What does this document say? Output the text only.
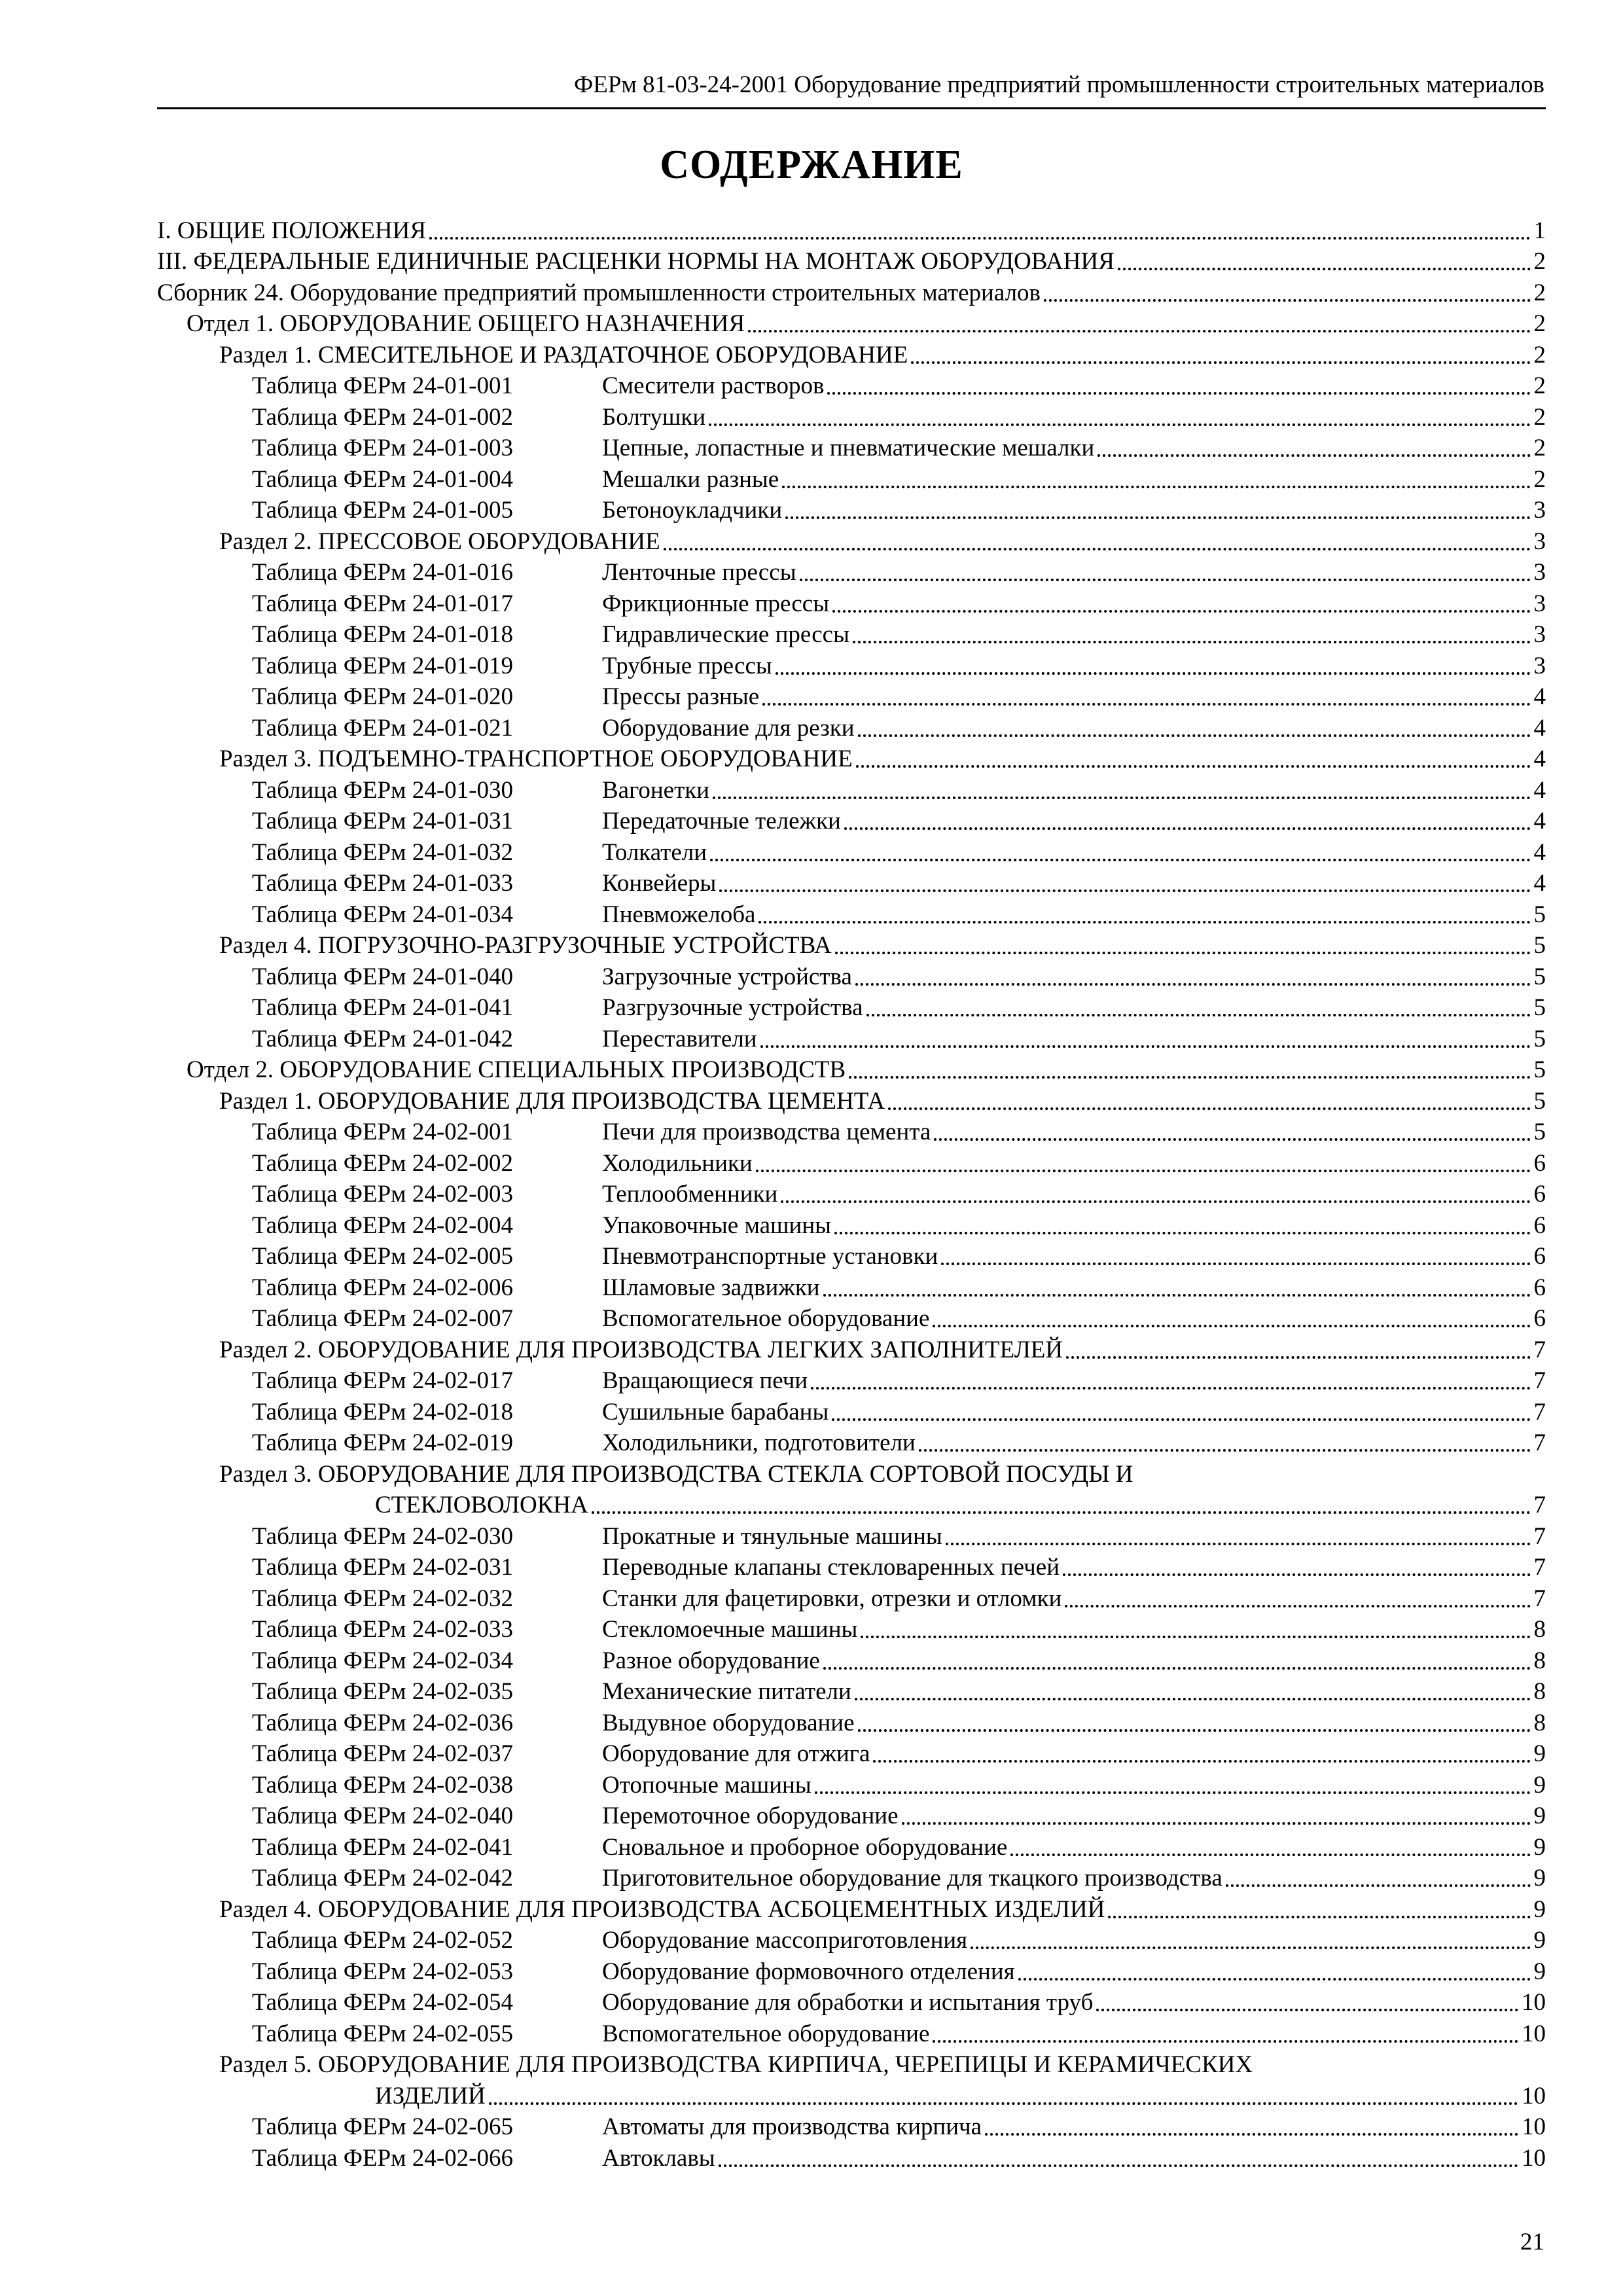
ФЕРм 81-03-24-2001 Оборудование предприятий промышленности строительных материалов
СОДЕРЖАНИЕ
I. ОБЩИЕ ПОЛОЖЕНИЯ	1
III. ФЕДЕРАЛЬНЫЕ ЕДИНИЧНЫЕ РАСЦЕНКИ НОРМЫ НА МОНТАЖ ОБОРУДОВАНИЯ	2
Сборник 24. Оборудование предприятий промышленности строительных материалов	2
Отдел 1. ОБОРУДОВАНИЕ ОБЩЕГО НАЗНАЧЕНИЯ	2
Раздел 1. СМЕСИТЕЛЬНОЕ И РАЗДАТОЧНОЕ ОБОРУДОВАНИЕ	2
Таблица ФЕРм 24-01-001	Смесители растворов	2
Таблица ФЕРм 24-01-002	Болтушки	2
Таблица ФЕРм 24-01-003	Цепные, лопастные и пневматические мешалки	2
Таблица ФЕРм 24-01-004	Мешалки разные	2
Таблица ФЕРм 24-01-005	Бетоноукладчики	3
Раздел 2. ПРЕССОВОЕ ОБОРУДОВАНИЕ	3
Таблица ФЕРм 24-01-016	Ленточные прессы	3
Таблица ФЕРм 24-01-017	Фрикционные прессы	3
Таблица ФЕРм 24-01-018	Гидравлические прессы	3
Таблица ФЕРм 24-01-019	Трубные прессы	3
Таблица ФЕРм 24-01-020	Прессы разные	4
Таблица ФЕРм 24-01-021	Оборудование для резки	4
Раздел 3. ПОДЪЕМНО-ТРАНСПОРТНОЕ ОБОРУДОВАНИЕ	4
Таблица ФЕРм 24-01-030	Вагонетки	4
Таблица ФЕРм 24-01-031	Передаточные тележки	4
Таблица ФЕРм 24-01-032	Толкатели	4
Таблица ФЕРм 24-01-033	Конвейеры	4
Таблица ФЕРм 24-01-034	Пневможелоба	5
Раздел 4. ПОГРУЗОЧНО-РАЗГРУЗОЧНЫЕ УСТРОЙСТВА	5
Таблица ФЕРм 24-01-040	Загрузочные устройства	5
Таблица ФЕРм 24-01-041	Разгрузочные устройства	5
Таблица ФЕРм 24-01-042	Переставители	5
Отдел 2. ОБОРУДОВАНИЕ СПЕЦИАЛЬНЫХ ПРОИЗВОДСТВ	5
Раздел 1. ОБОРУДОВАНИЕ ДЛЯ ПРОИЗВОДСТВА ЦЕМЕНТА	5
Таблица ФЕРм 24-02-001	Печи для производства цемента	5
Таблица ФЕРм 24-02-002	Холодильники	6
Таблица ФЕРм 24-02-003	Теплообменники	6
Таблица ФЕРм 24-02-004	Упаковочные машины	6
Таблица ФЕРм 24-02-005	Пневмотранспортные установки	6
Таблица ФЕРм 24-02-006	Шламовые задвижки	6
Таблица ФЕРм 24-02-007	Вспомогательное оборудование	6
Раздел 2. ОБОРУДОВАНИЕ ДЛЯ ПРОИЗВОДСТВА ЛЕГКИХ ЗАПОЛНИТЕЛЕЙ	7
Таблица ФЕРм 24-02-017	Вращающиеся печи	7
Таблица ФЕРм 24-02-018	Сушильные барабаны	7
Таблица ФЕРм 24-02-019	Холодильники, подготовители	7
Раздел 3. ОБОРУДОВАНИЕ ДЛЯ ПРОИЗВОДСТВА СТЕКЛА СОРТОВОЙ ПОСУДЫ И
СТЕКЛОВОЛОКНА	7
Таблица ФЕРм 24-02-030	Прокатные и тянульные машины	7
Таблица ФЕРм 24-02-031	Переводные клапаны стекловаренных печей	7
Таблица ФЕРм 24-02-032	Станки для фацетировки, отрезки и отломки	7
Таблица ФЕРм 24-02-033	Стекломоечные машины	8
Таблица ФЕРм 24-02-034	Разное оборудование	8
Таблица ФЕРм 24-02-035	Механические питатели	8
Таблица ФЕРм 24-02-036	Выдувное оборудование	8
Таблица ФЕРм 24-02-037	Оборудование для отжига	9
Таблица ФЕРм 24-02-038	Отопочные машины	9
Таблица ФЕРм 24-02-040	Перемоточное оборудование	9
Таблица ФЕРм 24-02-041	Сновальное и проборное оборудование	9
Таблица ФЕРм 24-02-042	Приготовительное оборудование для ткацкого производства	9
Раздел 4. ОБОРУДОВАНИЕ ДЛЯ ПРОИЗВОДСТВА АСБОЦЕМЕНТНЫХ ИЗДЕЛИЙ	9
Таблица ФЕРм 24-02-052	Оборудование массоприготовления	9
Таблица ФЕРм 24-02-053	Оборудование формовочного отделения	9
Таблица ФЕРм 24-02-054	Оборудование для обработки и испытания труб	10
Таблица ФЕРм 24-02-055	Вспомогательное оборудование	10
Раздел 5. ОБОРУДОВАНИЕ ДЛЯ ПРОИЗВОДСТВА КИРПИЧА, ЧЕРЕПИЦЫ И КЕРАМИЧЕСКИХ
ИЗДЕЛИЙ	10
Таблица ФЕРм 24-02-065	Автоматы для производства кирпича	10
Таблица ФЕРм 24-02-066	Автоклавы	10
21
